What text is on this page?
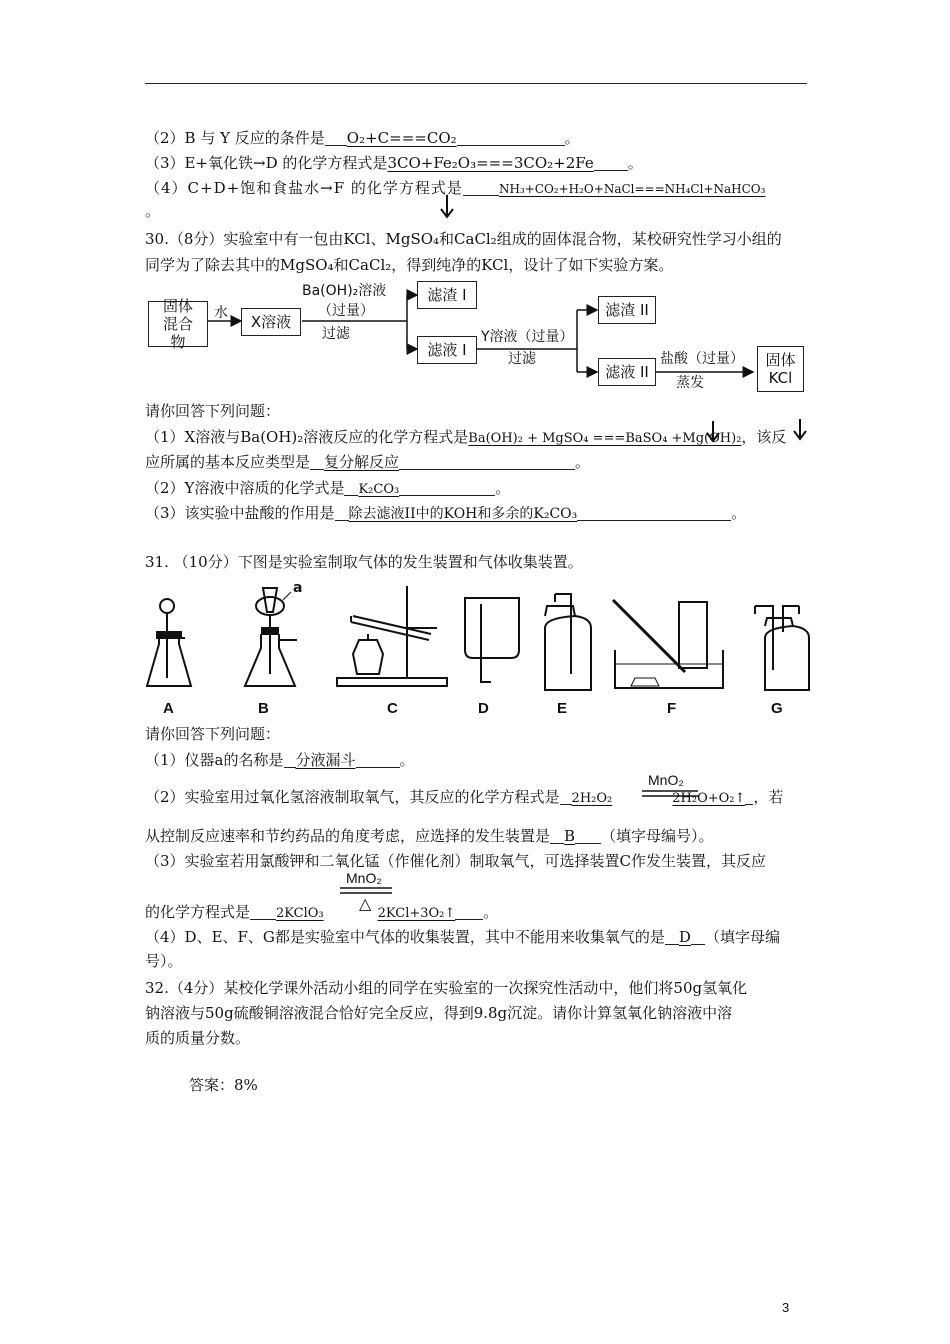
（2）B 与 Y 反应的条件是 O₂+C===CO₂	。
（3）E+氧化铁→D 的化学方程式是3CO+Fe₂O₃===3CO₂+2Fe 。
（4）C+D+饱和食盐水→F 的化学方程式是	NH₃+CO₂+H₂O+NaCl===NH₄Cl+NaHCO₃
。
30.（8分）实验室中有一包由KCl、MgSO₄和CaCl₂组成的固体混合物，某校研究性学习小组的
同学为了除去其中的MgSO₄和CaCl₂，得到纯净的KCl，设计了如下实验方案。
固体混合物
水	X溶液
Ba(OH)₂溶液
（过量）
过滤
滤渣 I
滤液 I
Y溶液（过量）
过滤
滤渣 II
滤液 II
盐酸（过量）
蒸发
固体
KCl
请你回答下列问题：
（1）X溶液与Ba(OH)₂溶液反应的化学方程式是Ba(OH)₂ + MgSO₄ ===BaSO₄ +Mg(OH)₂，该反
应所属的基本反应类型是 复分解反应	。
（2）Y溶液中溶质的化学式是 K₂CO₃	。
（3）该实验中盐酸的作用是 除去滤液II中的KOH和多余的K₂CO₃	。
31. （10分）下图是实验室制取气体的发生装置和气体收集装置。
a
A	B	C	D	E	F	G
请你回答下列问题：
（1）仪器a的名称是 分液漏斗	。
MnO₂
（2）实验室用过氧化氢溶液制取氧气，其反应的化学方程式是 2H₂O₂	2H₂O+O₂↑ ，若
从控制反应速率和节约药品的角度考虑，应选择的发生装置是 B （填字母编号）。
（3）实验室若用氯酸钾和二氧化锰（作催化剂）制取氧气，可选择装置C作发生装置，其反应
MnO₂
△
的化学方程式是 2KClO₃	2KCl+3O₂↑ 。
（4）D、E、F、G都是实验室中气体的收集装置，其中不能用来收集氧气的是 D （填字母编
号）。
32.（4分）某校化学课外活动小组的同学在实验室的一次探究性活动中，他们将50g氢氧化
钠溶液与50g硫酸铜溶液混合恰好完全反应，得到9.8g沉淀。请你计算氢氧化钠溶液中溶
质的质量分数。
答案：8%
3
